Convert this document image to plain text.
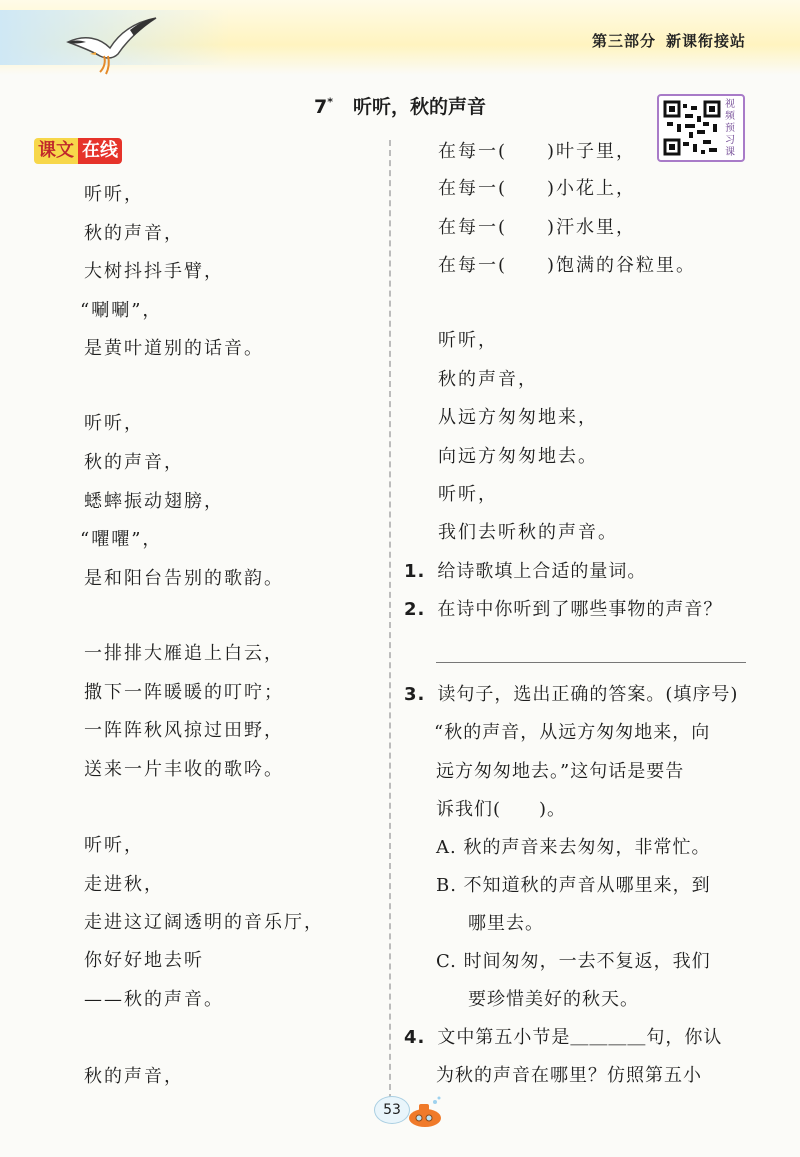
第三部分 新课衔接站
7* 听听，秋的声音	视频预习课
课文 在线
听听，
秋的声音，
大树抖抖手臂，
“唰唰”，
是黄叶道别的话音。
听听，
秋的声音，
蟋蟀振动翅膀，
“㘗㘗”，
是和阳台告别的歌韵。
一排排大雁追上白云，
撒下一阵暖暖的叮咛；
一阵阵秋风掠过田野，
送来一片丰收的歌吟。
听听，
走进秋，
走进这辽阔透明的音乐厅，
你好好地去听
——秋的声音。
秋的声音，
在每一(　　)叶子里，
在每一(　　)小花上，
在每一(　　)汗水里，
在每一(　　)饱满的谷粒里。
听听，
秋的声音，
从远方匆匆地来，
向远方匆匆地去。
听听，
我们去听秋的声音。
1. 给诗歌填上合适的量词。
2. 在诗中你听到了哪些事物的声音？
3. 读句子，选出正确的答案。(填序号)
“秋的声音，从远方匆匆地来，向
远方匆匆地去。”这句话是要告
诉我们(　　)。
A. 秋的声音来去匆匆，非常忙。
B. 不知道秋的声音从哪里来，到
哪里去。
C. 时间匆匆，一去不复返，我们
要珍惜美好的秋天。
4. 文中第五小节是＿＿＿＿句，你认
为秋的声音在哪里？仿照第五小
53
